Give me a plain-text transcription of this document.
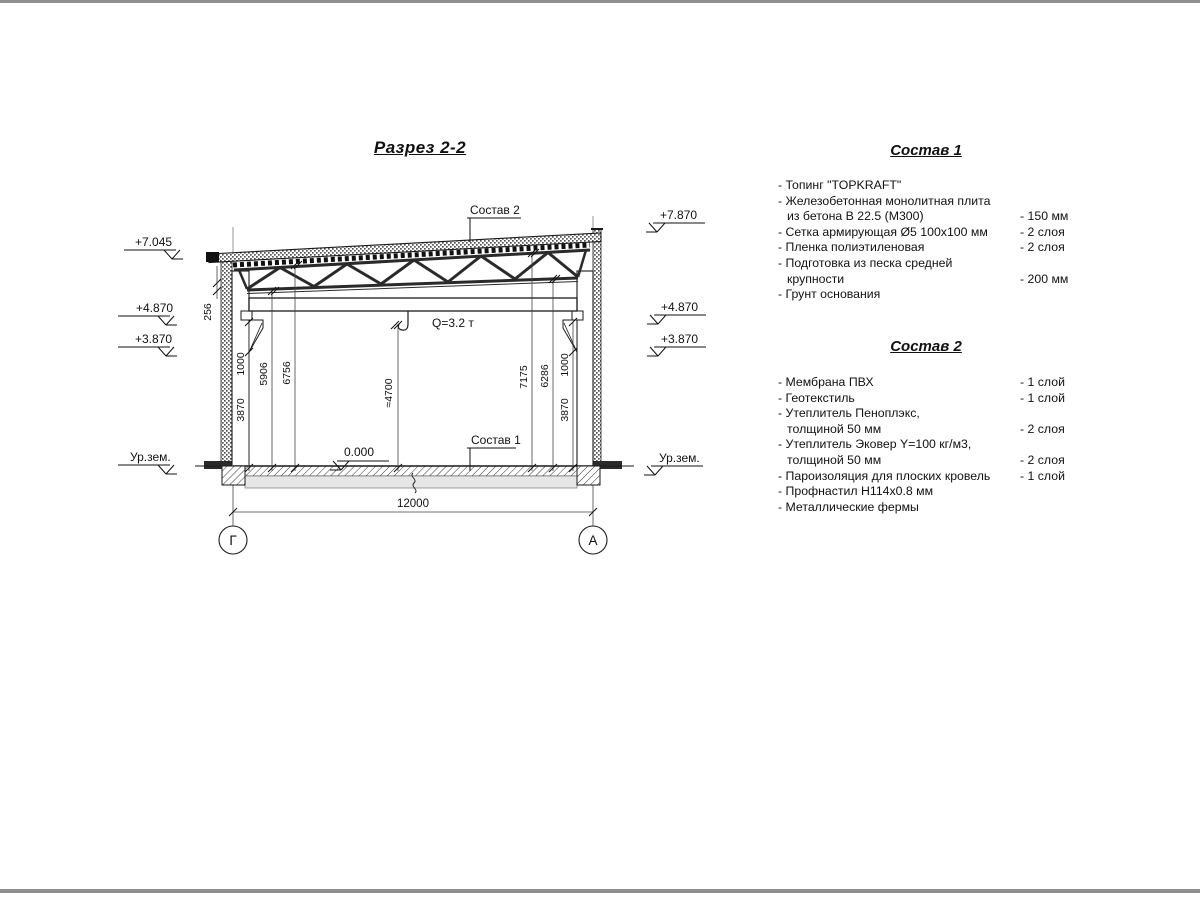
Разрез 2-2
Г	А
Q=3.2 т
256
3870
1000 5906 6756
≈4700
7175 6286 1000
3870
12000
+7.045
+4.870
+3.870
Ур.зем.
+7.870
+4.870
+3.870
Ур.зем.
0.000
Состав 2
Состав 1
Состав 1
- Топинг "TOPKRAFT"
- Железобетонная монолитная плита
из бетона В 22.5 (М300)	- 150 мм
- Сетка армирующая Ø5 100х100 мм	- 2 слоя
- Пленка полиэтиленовая	- 2 слоя
- Подготовка из песка средней
крупности	- 200 мм
- Грунт основания
Состав 2
- Мембрана ПВХ	- 1 слой
- Геотекстиль	- 1 слой
- Утеплитель Пеноплэкс,
толщиной 50 мм	- 2 слоя
- Утеплитель Эковер Y=100 кг/м3,
толщиной 50 мм	- 2 слоя
- Пароизоляция для плоских кровель	- 1 слой
- Профнастил Н114х0.8 мм
- Металлические фермы
